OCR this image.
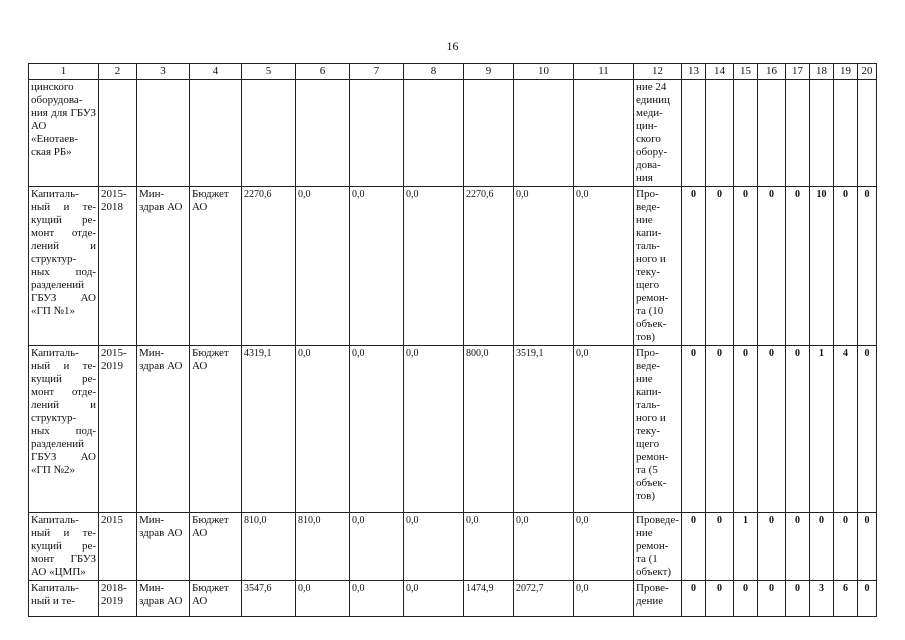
16
1	2	3	4	5	6	7	8	9	10	11	12	13	14	15	16	17	18	19	20
цинского оборудова- ния для ГБУЗ АО «Енотаев- ская РБ»											ние 24 единиц меди- цин- ского обору- дова- ния								
Капиталь- ный и те- кущий ре- монт отде- лений и структур- ных под- разделений ГБУЗ АО «ГП №1»	2015- 2018	Мин- здрав АО	Бюджет АО	2270,6	0,0	0,0	0,0	2270,6	0,0	0,0	Про- веде- ние капи- таль- ного и теку- щего ремон- та (10 объек- тов)	0	0	0	0	0	10	0	0
Капиталь- ный и те- кущий ре- монт отде- лений и структур- ных под- разделений ГБУЗ АО «ГП №2»	2015- 2019	Мин- здрав АО	Бюджет АО	4319,1	0,0	0,0	0,0	800,0	3519,1	0,0	Про- веде- ние капи- таль- ного и теку- щего ремон- та (5 объек- тов)	0	0	0	0	0	1	4	0
Капиталь- ный и те- кущий ре- монт ГБУЗ АО «ЦМП»	2015	Мин- здрав АО	Бюджет АО	810,0	810,0	0,0	0,0	0,0	0,0	0,0	Проведе- ние ремон- та (1 объект)	0	0	1	0	0	0	0	0
Капиталь- ный и те-	2018- 2019	Мин- здрав АО	Бюджет АО	3547,6	0,0	0,0	0,0	1474,9	2072,7	0,0	Прове- дение	0	0	0	0	0	3	6	0
